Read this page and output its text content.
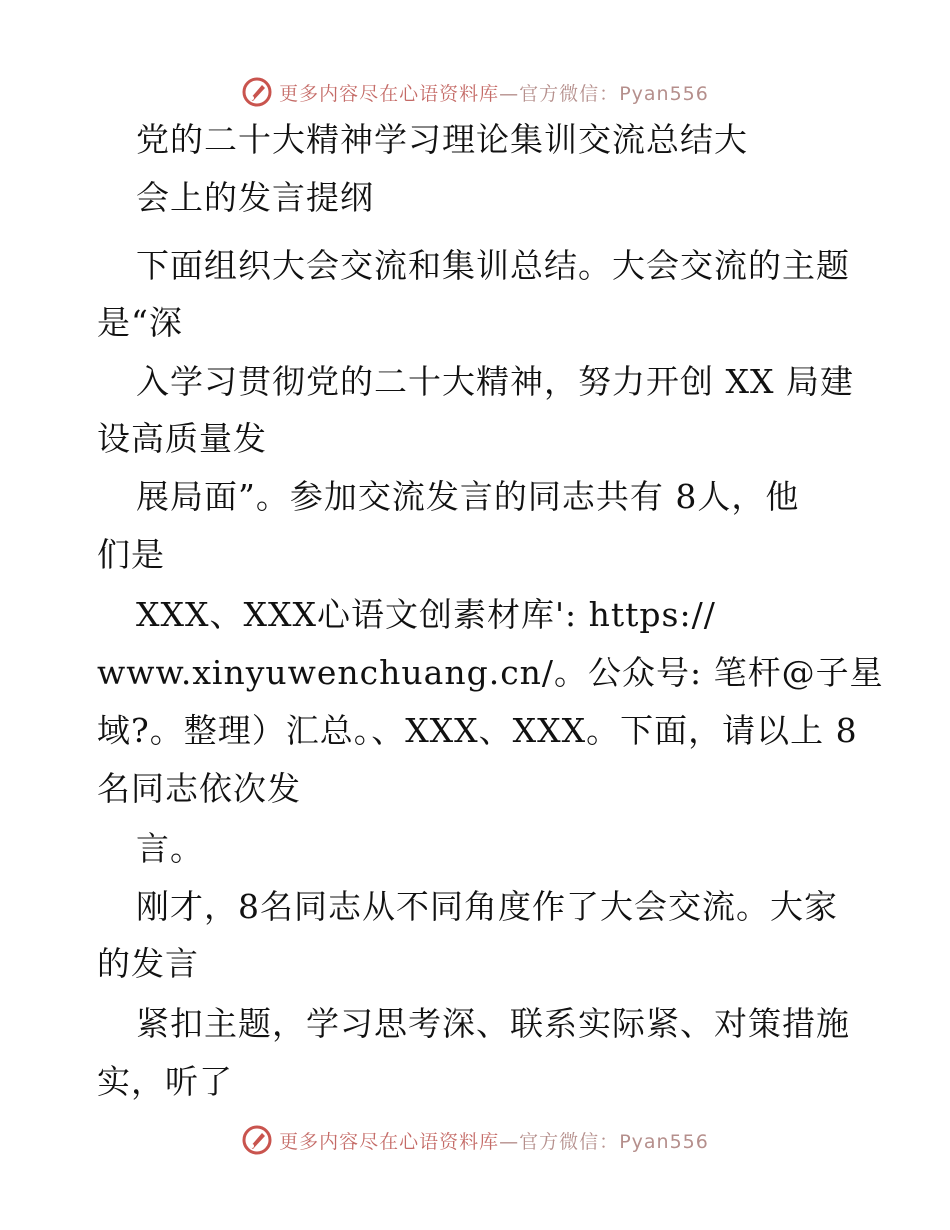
更多内容尽在心语资料库—官方微信：Pyan556
党的二十大精神学习理论集训交流总结大
会上的发言提纲
下面组织大会交流和集训总结。大会交流的主题
是“深
入学习贯彻党的二十大精神，努力开创 XX 局建
设高质量发
展局面”。参加交流发言的同志共有 8人，他
们是
XXX、XXX心语文创素材库': https://
www.xinyuwenchuang.cn/。公众号: 笔杆@子星
域?。整理）汇总。、XXX、XXX。下面，请以上 8
名同志依次发
言。
刚才，8名同志从不同角度作了大会交流。大家
的发言
紧扣主题，学习思考深、联系实际紧、对策措施
实，听了
更多内容尽在心语资料库—官方微信：Pyan556
